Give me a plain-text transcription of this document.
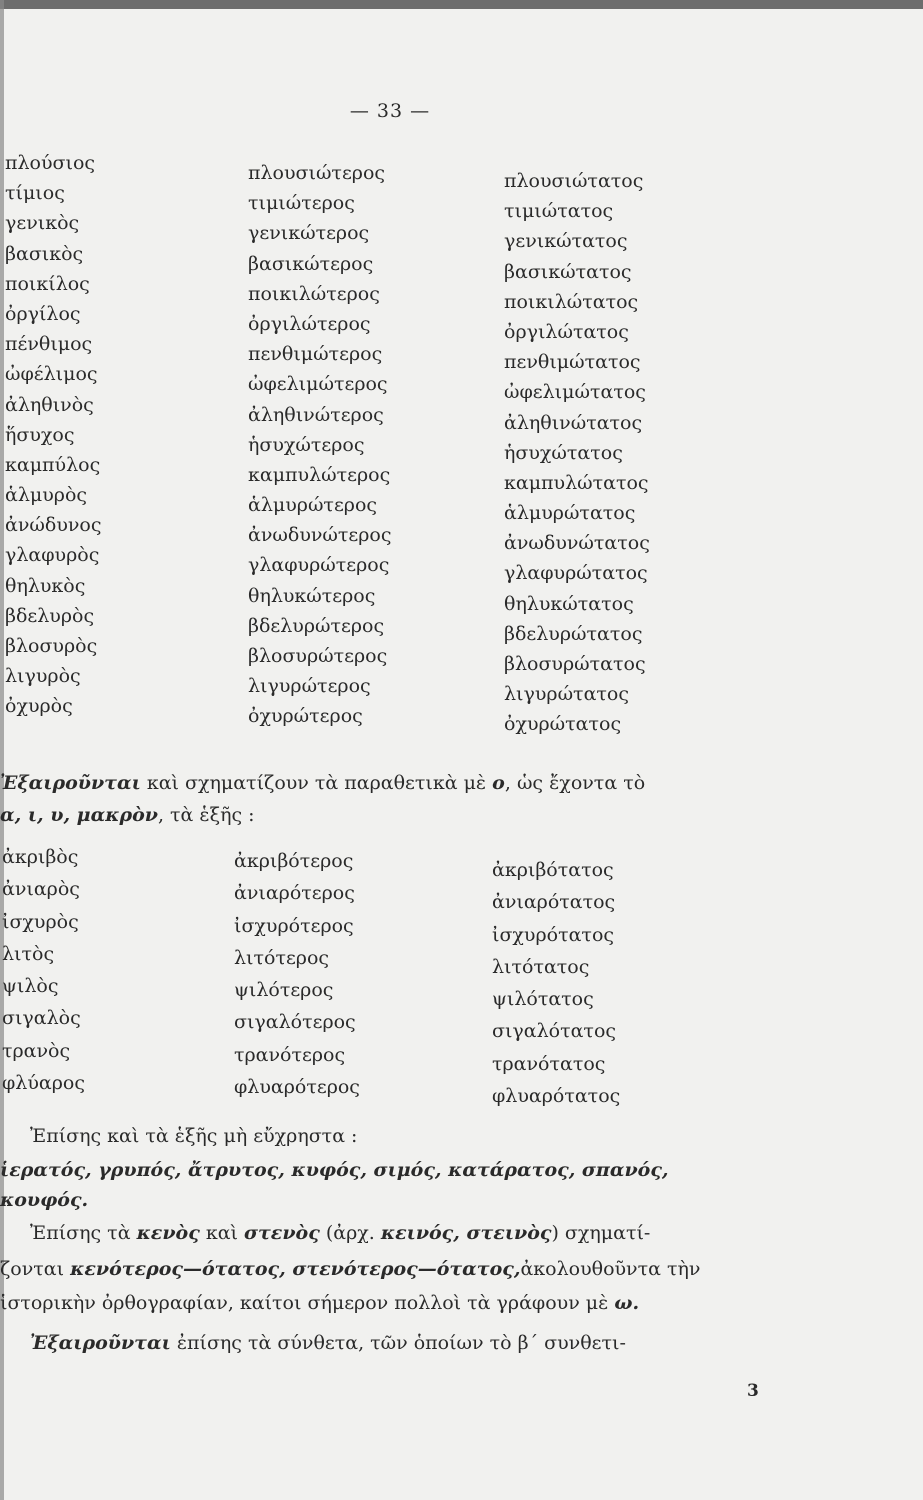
— 33 —
πλούσιος
τίμιος
γενικὸς
βασικὸς
ποικίλος
ὀργίλος
πένθιμος
ὠφέλιμος
ἀληθινὸς
ἥσυχος
καμπύλος
ἁλμυρὸς
ἀνώδυνος
γλαφυρὸς
θηλυκὸς
βδελυρὸς
βλοσυρὸς
λιγυρὸς
ὀχυρὸς
πλουσιώτερος
τιμιώτερος
γενικώτερος
βασικώτερος
ποικιλώτερος
ὀργιλώτερος
πενθιμώτερος
ὠφελιμώτερος
ἀληθινώτερος
ἡσυχώτερος
καμπυλώτερος
ἁλμυρώτερος
ἀνωδυνώτερος
γλαφυρώτερος
θηλυκώτερος
βδελυρώτερος
βλοσυρώτερος
λιγυρώτερος
ὀχυρώτερος
πλουσιώτατος
τιμιώτατος
γενικώτατος
βασικώτατος
ποικιλώτατος
ὀργιλώτατος
πενθιμώτατος
ὠφελιμώτατος
ἀληθινώτατος
ἡσυχώτατος
καμπυλώτατος
ἁλμυρώτατος
ἀνωδυνώτατος
γλαφυρώτατος
θηλυκώτατος
βδελυρώτατος
βλοσυρώτατος
λιγυρώτατος
ὀχυρώτατος
Ἐξαιροῦνται καὶ σχηματίζουν τὰ παραθετικὰ μὲ ο, ὡς ἔχοντα τὸ
α, ι, υ, μακρὸν, τὰ ἑξῆς :
ἀκριβὸς
ἀνιαρὸς
ἰσχυρὸς
λιτὸς
ψιλὸς
σιγαλὸς
τρανὸς
φλύαρος
ἀκριβότερος
ἀνιαρότερος
ἰσχυρότερος
λιτότερος
ψιλότερος
σιγαλότερος
τρανότερος
φλυαρότερος
ἀκριβότατος
ἀνιαρότατος
ἰσχυρότατος
λιτότατος
ψιλότατος
σιγαλότατος
τρανότατος
φλυαρότατος
Ἐπίσης καὶ τὰ ἑξῆς μὴ εὔχρηστα :
ἱερατός, γρυπός, ἄτρυτος, κυφός, σιμός, κατάρατος, σπανός,
κουφός.
Ἐπίσης τὰ κενὸς καὶ στενὸς (ἀρχ. κεινός, στεινὸς) σχηματί-
ζονται κενότερος—ότατος, στενότερος—ότατος,ἀκολουθοῦντα τὴν
ἱστορικὴν ὀρθογραφίαν, καίτοι σήμερον πολλοὶ τὰ γράφουν μὲ ω.
Ἐξαιροῦνται ἐπίσης τὰ σύνθετα, τῶν ὁποίων τὸ β΄ συνθετι-
3
